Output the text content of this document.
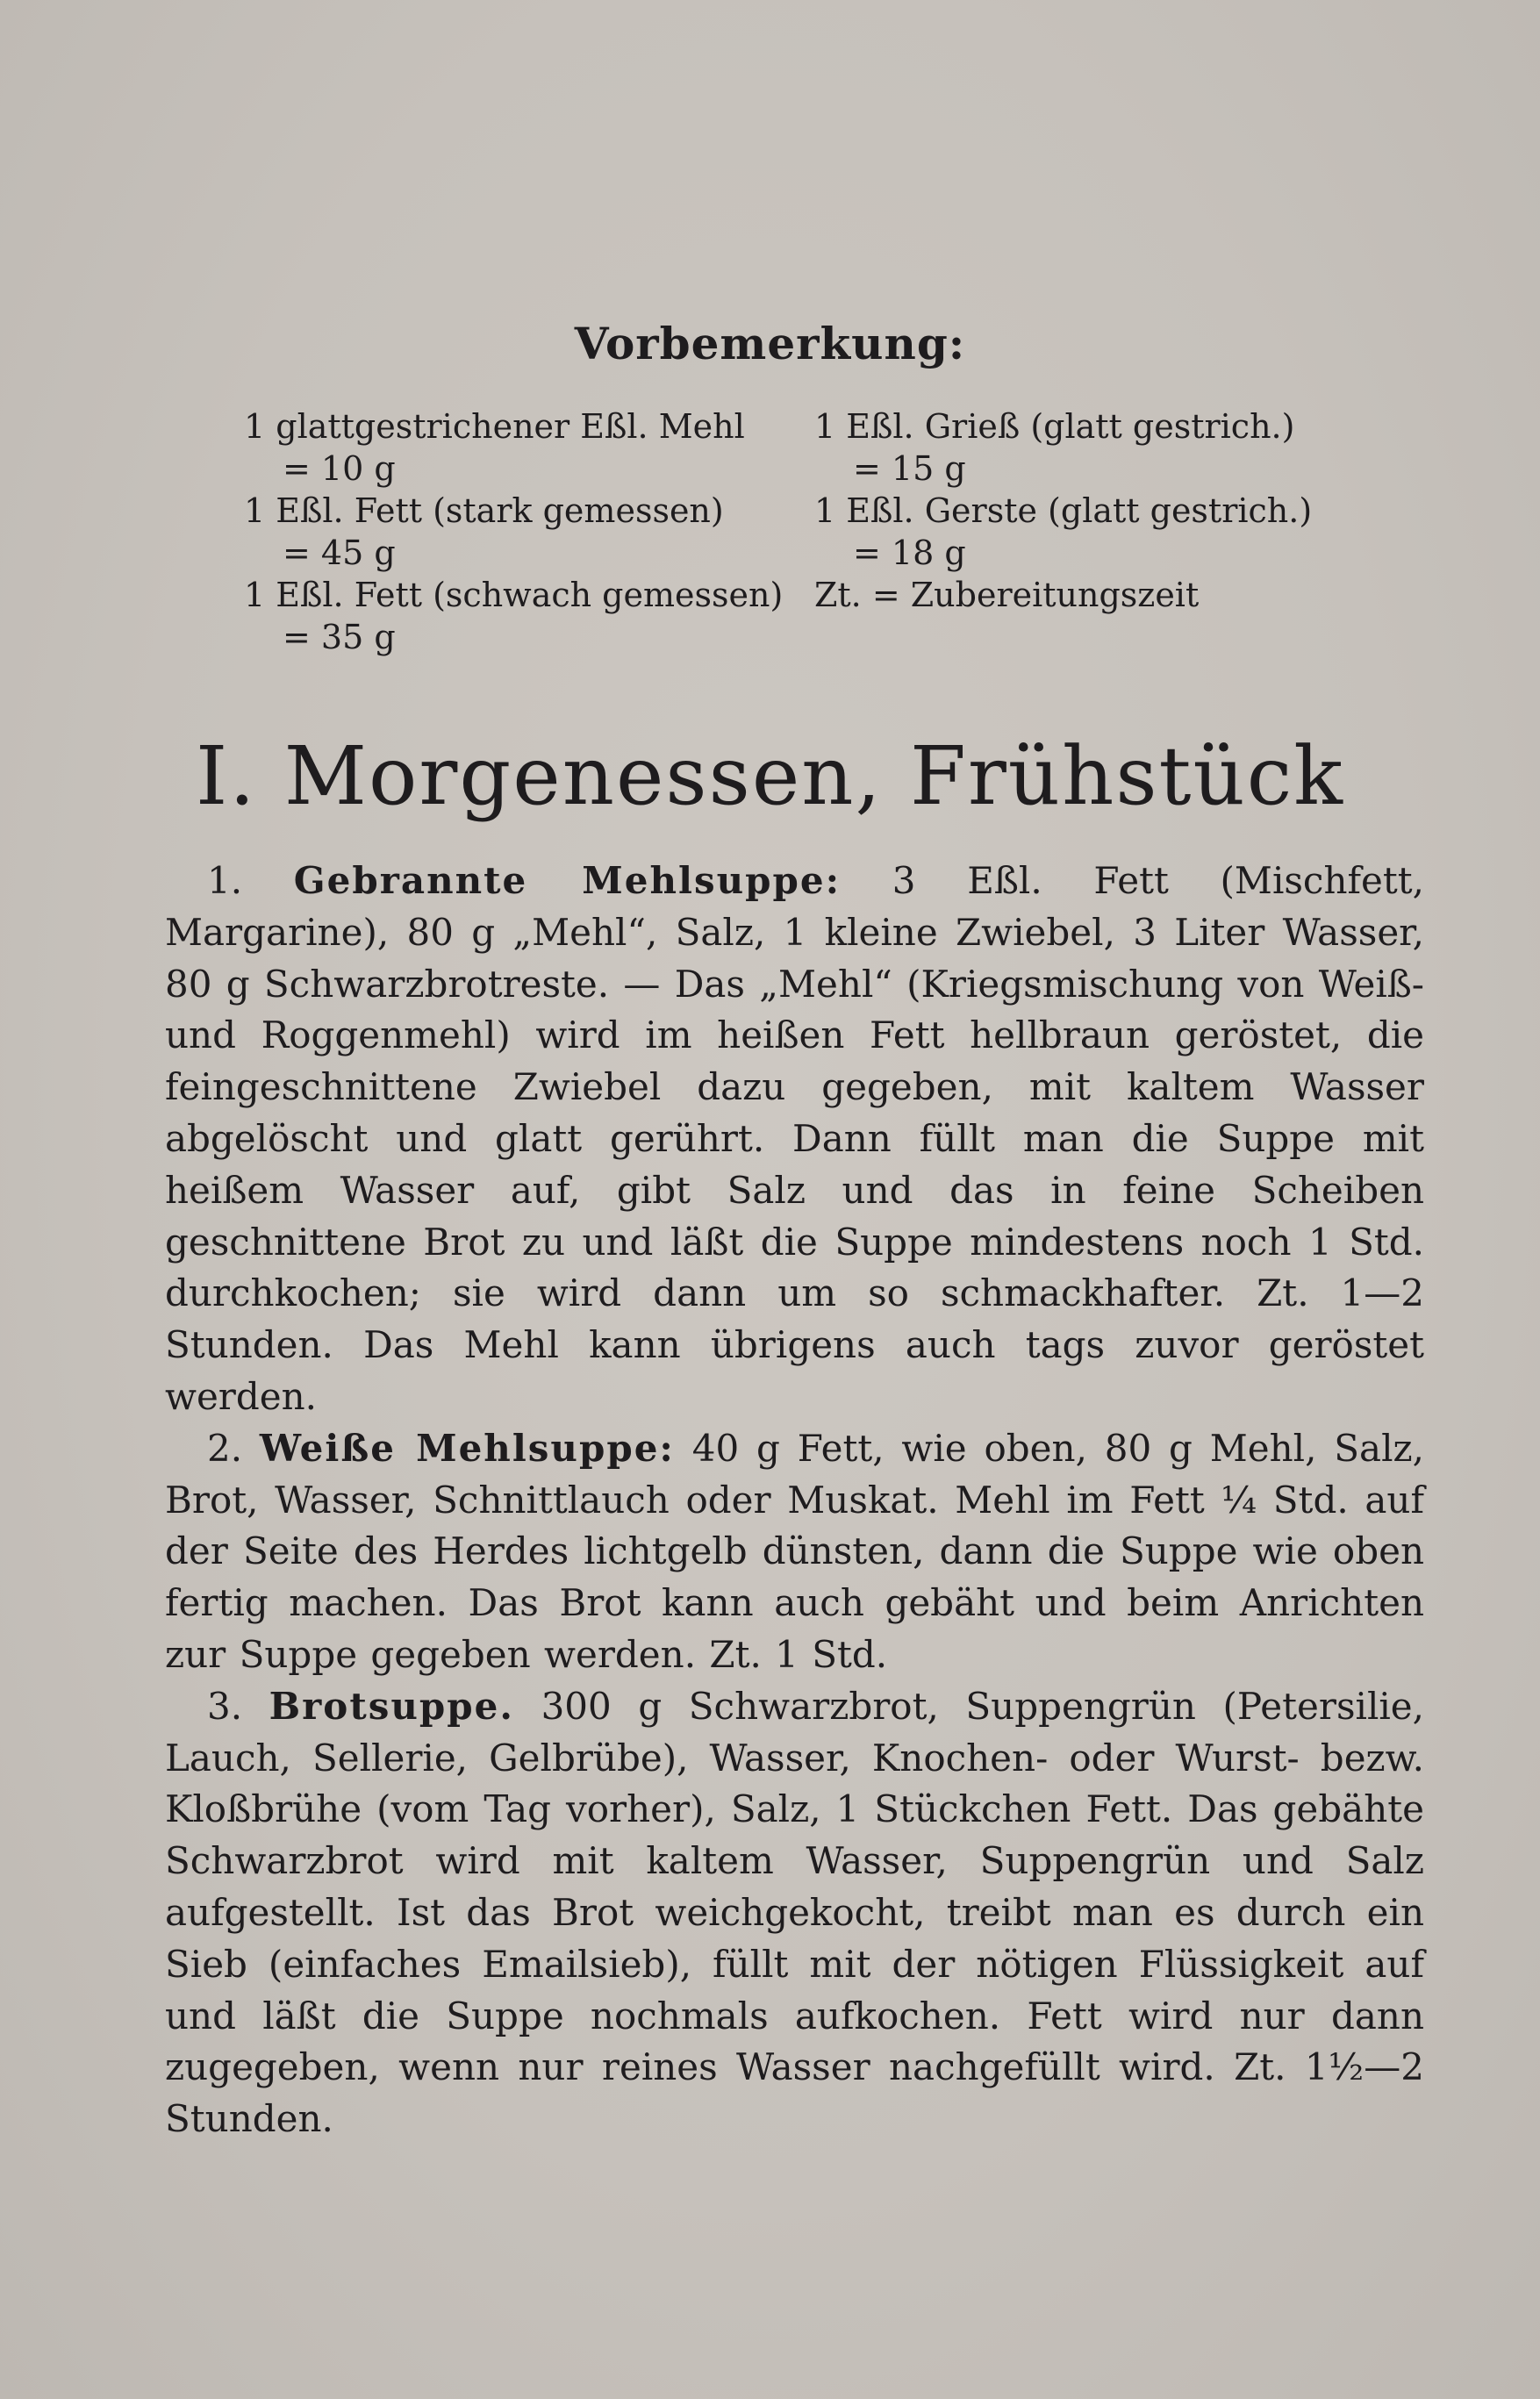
Vorbemerkung:
1 glattgestrichener Eßl. Mehl
= 10 g
1 Eßl. Fett (stark gemessen)
= 45 g
1 Eßl. Fett (schwach gemessen)
= 35 g
1 Eßl. Grieß (glatt gestrich.)
= 15 g
1 Eßl. Gerste (glatt gestrich.)
= 18 g
Zt. = Zubereitungszeit
I. Morgenessen, Frühstück

1. Gebrannte Mehlsuppe: 3 Eßl. Fett (Mischfett, Margarine), 80 g „Mehl“, Salz, 1 kleine Zwiebel, 3 Liter Wasser, 80 g Schwarzbrotreste. — Das „Mehl“ (Kriegsmischung von Weiß- und Roggenmehl) wird im heißen Fett hellbraun geröstet, die feingeschnittene Zwiebel dazu gegeben, mit kaltem Wasser abgelöscht und glatt gerührt. Dann füllt man die Suppe mit heißem Wasser auf, gibt Salz und das in feine Scheiben geschnittene Brot zu und läßt die Suppe mindestens noch 1 Std. durchkochen; sie wird dann um so schmackhafter. Zt. 1—2 Stunden. Das Mehl kann übrigens auch tags zuvor geröstet werden.

2. Weiße Mehlsuppe: 40 g Fett, wie oben, 80 g Mehl, Salz, Brot, Wasser, Schnittlauch oder Muskat. Mehl im Fett ¼ Std. auf der Seite des Herdes lichtgelb dünsten, dann die Suppe wie oben fertig machen. Das Brot kann auch gebäht und beim Anrichten zur Suppe gegeben werden. Zt. 1 Std.

3. Brotsuppe. 300 g Schwarzbrot, Suppengrün (Petersilie, Lauch, Sellerie, Gelbrübe), Wasser, Knochen- oder Wurst- bezw. Kloßbrühe (vom Tag vorher), Salz, 1 Stückchen Fett. Das gebähte Schwarzbrot wird mit kaltem Wasser, Suppengrün und Salz aufgestellt. Ist das Brot weichgekocht, treibt man es durch ein Sieb (einfaches Emailsieb), füllt mit der nötigen Flüssigkeit auf und läßt die Suppe nochmals aufkochen. Fett wird nur dann zugegeben, wenn nur reines Wasser nachgefüllt wird. Zt. 1½—2 Stunden.
